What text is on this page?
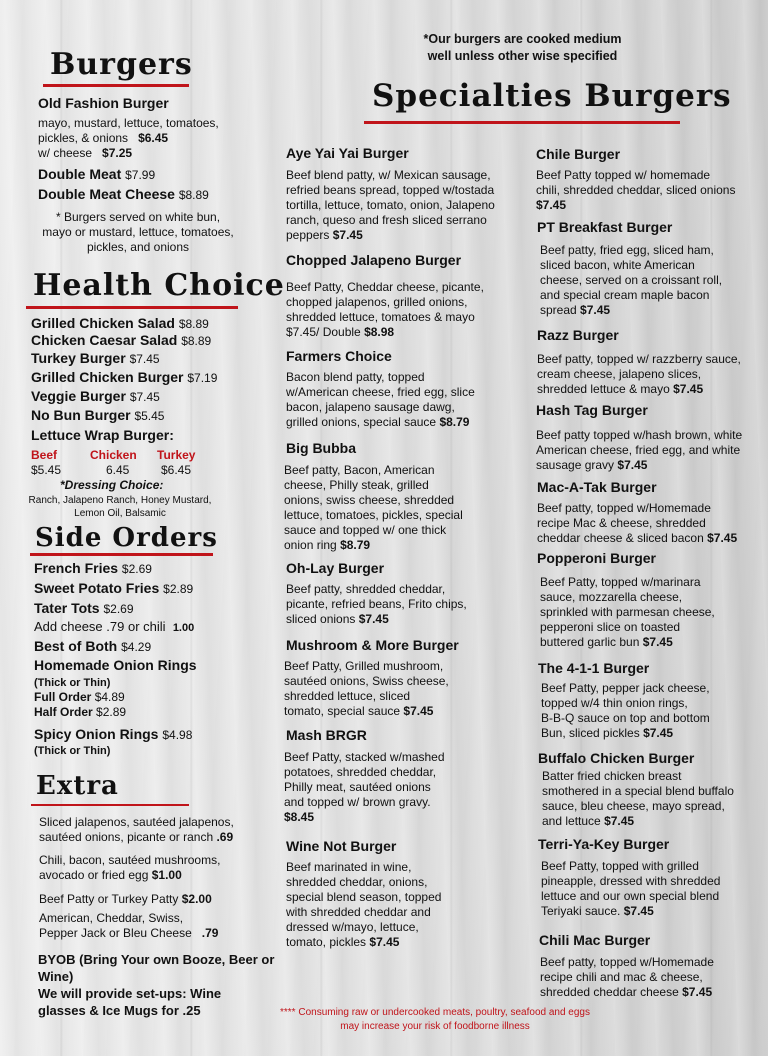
*Our burgers are cooked medium
well unless other wise specified
Burgers
Old Fashion Burger
mayo, mustard, lettuce, tomatoes,
pickles, & onions $6.45
w/ cheese $7.25
Double Meat $7.99
Double Meat Cheese $8.89
* Burgers served on white bun,
mayo or mustard, lettuce, tomatoes,
pickles, and onions
Health Choice
Grilled Chicken Salad $8.89
Chicken Caesar Salad $8.89
Turkey Burger $7.45
Grilled Chicken Burger $7.19
Veggie Burger $7.45
No Bun Burger $5.45
Lettuce Wrap Burger:
Beef	Chicken Turkey
$5.45	6.45	$6.45
*Dressing Choice:
Ranch, Jalapeno Ranch, Honey Mustard,
Lemon Oil, Balsamic
Side Orders
French Fries $2.69
Sweet Potato Fries $2.89
Tater Tots $2.69
Add cheese .79 or chili 1.00
Best of Both $4.29
Homemade Onion Rings
(Thick or Thin)
Full Order $4.89
Half Order $2.89
Spicy Onion Rings $4.98
(Thick or Thin)
Extra
Sliced jalapenos, sautéed jalapenos,
sautéed onions, picante or ranch .69
Chili, bacon, sautéed mushrooms,
avocado or fried egg $1.00
Beef Patty or Turkey Patty $2.00
American, Cheddar, Swiss,
Pepper Jack or Bleu Cheese .79
BYOB (Bring Your own Booze, Beer or
Wine)
We will provide set-ups: Wine
glasses & Ice Mugs for .25
Specialties Burgers
Aye Yai Yai Burger
Beef blend patty, w/ Mexican sausage,
refried beans spread, topped w/tostada
tortilla, lettuce, tomato, onion, Jalapeno
ranch, queso and fresh sliced serrano
peppers $7.45
Chopped Jalapeno Burger
Beef Patty, Cheddar cheese, picante,
chopped jalapenos, grilled onions,
shredded lettuce, tomatoes & mayo
$7.45/ Double $8.98
Farmers Choice
Bacon blend patty, topped
w/American cheese, fried egg, slice
bacon, jalapeno sausage dawg,
grilled onions, special sauce $8.79
Big Bubba
Beef patty, Bacon, American
cheese, Philly steak, grilled
onions, swiss cheese, shredded
lettuce, tomatoes, pickles, special
sauce and topped w/ one thick
onion ring $8.79
Oh-Lay Burger
Beef patty, shredded cheddar,
picante, refried beans, Frito chips,
sliced onions $7.45
Mushroom & More Burger
Beef Patty, Grilled mushroom,
sautéed onions, Swiss cheese,
shredded lettuce, sliced
tomato, special sauce $7.45
Mash BRGR
Beef Patty, stacked w/mashed
potatoes, shredded cheddar,
Philly meat, sautéed onions
and topped w/ brown gravy.
$8.45
Wine Not Burger
Beef marinated in wine,
shredded cheddar, onions,
special blend season, topped
with shredded cheddar and
dressed w/mayo, lettuce,
tomato, pickles $7.45
Chile Burger
Beef Patty topped w/ homemade
chili, shredded cheddar, sliced onions
$7.45
PT Breakfast Burger
Beef patty, fried egg, sliced ham,
sliced bacon, white American
cheese, served on a croissant roll,
and special cream maple bacon
spread $7.45
Razz Burger
Beef patty, topped w/ razzberry sauce,
cream cheese, jalapeno slices,
shredded lettuce & mayo $7.45
Hash Tag Burger
Beef patty topped w/hash brown, white
American cheese, fried egg, and white
sausage gravy $7.45
Mac-A-Tak Burger
Beef patty, topped w/Homemade
recipe Mac & cheese, shredded
cheddar cheese & sliced bacon $7.45
Popperoni Burger
Beef Patty, topped w/marinara
sauce, mozzarella cheese,
sprinkled with parmesan cheese,
pepperoni slice on toasted
buttered garlic bun $7.45
The 4-1-1 Burger
Beef Patty, pepper jack cheese,
topped w/4 thin onion rings,
B-B-Q sauce on top and bottom
Bun, sliced pickles $7.45
Buffalo Chicken Burger
Batter fried chicken breast
smothered in a special blend buffalo
sauce, bleu cheese, mayo spread,
and lettuce $7.45
Terri-Ya-Key Burger
Beef Patty, topped with grilled
pineapple, dressed with shredded
lettuce and our own special blend
Teriyaki sauce. $7.45
Chili Mac Burger
Beef patty, topped w/Homemade
recipe chili and mac & cheese,
shredded cheddar cheese $7.45
**** Consuming raw or undercooked meats, poultry, seafood and eggs
may increase your risk of foodborne illness
